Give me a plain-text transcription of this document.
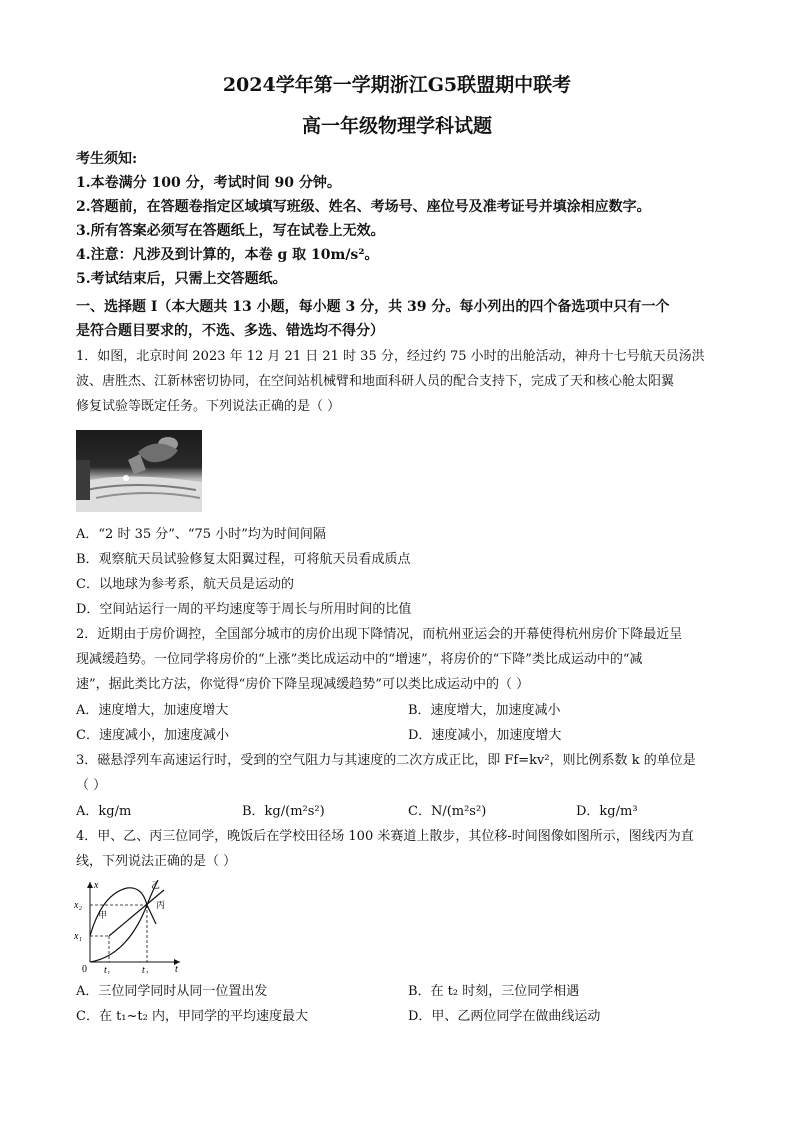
2024学年第一学期浙江G5联盟期中联考
高一年级物理学科试题
考生须知:
1.本卷满分 100 分，考试时间 90 分钟。
2.答题前，在答题卷指定区域填写班级、姓名、考场号、座位号及准考证号并填涂相应数字。
3.所有答案必须写在答题纸上，写在试卷上无效。
4.注意：凡涉及到计算的，本卷 g 取 10m/s²。
5.考试结束后，只需上交答题纸。
一、选择题 I（本大题共 13 小题，每小题 3 分，共 39 分。每小列出的四个备选项中只有一个
是符合题目要求的，不选、多选、错选均不得分）
1．如图，北京时间 2023 年 12 月 21 日 21 时 35 分，经过约 75 小时的出舱活动，神舟十七号航天员汤洪
波、唐胜杰、江新林密切协同，在空间站机械臂和地面科研人员的配合支持下，完成了天和核心舱太阳翼
修复试验等既定任务。下列说法正确的是（ ）
A．“2 时 35 分”、“75 小时”均为时间间隔
B．观察航天员试验修复太阳翼过程，可将航天员看成质点
C．以地球为参考系，航天员是运动的
D．空间站运行一周的平均速度等于周长与所用时间的比值
2．近期由于房价调控，全国部分城市的房价出现下降情况，而杭州亚运会的开幕使得杭州房价下降最近呈
现减缓趋势。一位同学将房价的“上涨”类比成运动中的“增速”，将房价的“下降”类比成运动中的“减
速”，据此类比方法，你觉得“房价下降呈现减缓趋势”可以类比成运动中的（ ）
A．速度增大，加速度增大	B．速度增大，加速度减小
C．速度减小，加速度减小	D．速度减小，加速度增大
3．磁悬浮列车高速运行时，受到的空气阻力与其速度的二次方成正比，即 Ff=kv²，则比例系数 k 的单位是
（ ）
A．kg/m	B．kg/(m²s²)	C．N/(m²s²)	D．kg/m³
4．甲、乙、丙三位同学，晚饭后在学校田径场 100 米赛道上散步，其位移-时间图像如图所示，图线丙为直
线，下列说法正确的是（ ）
x
t
0
x₁
x₂
t₁	t₂
甲
乙
丙
A．三位同学同时从同一位置出发	B．在 t₂ 时刻，三位同学相遇
C．在 t₁~t₂ 内，甲同学的平均速度最大	D．甲、乙两位同学在做曲线运动
